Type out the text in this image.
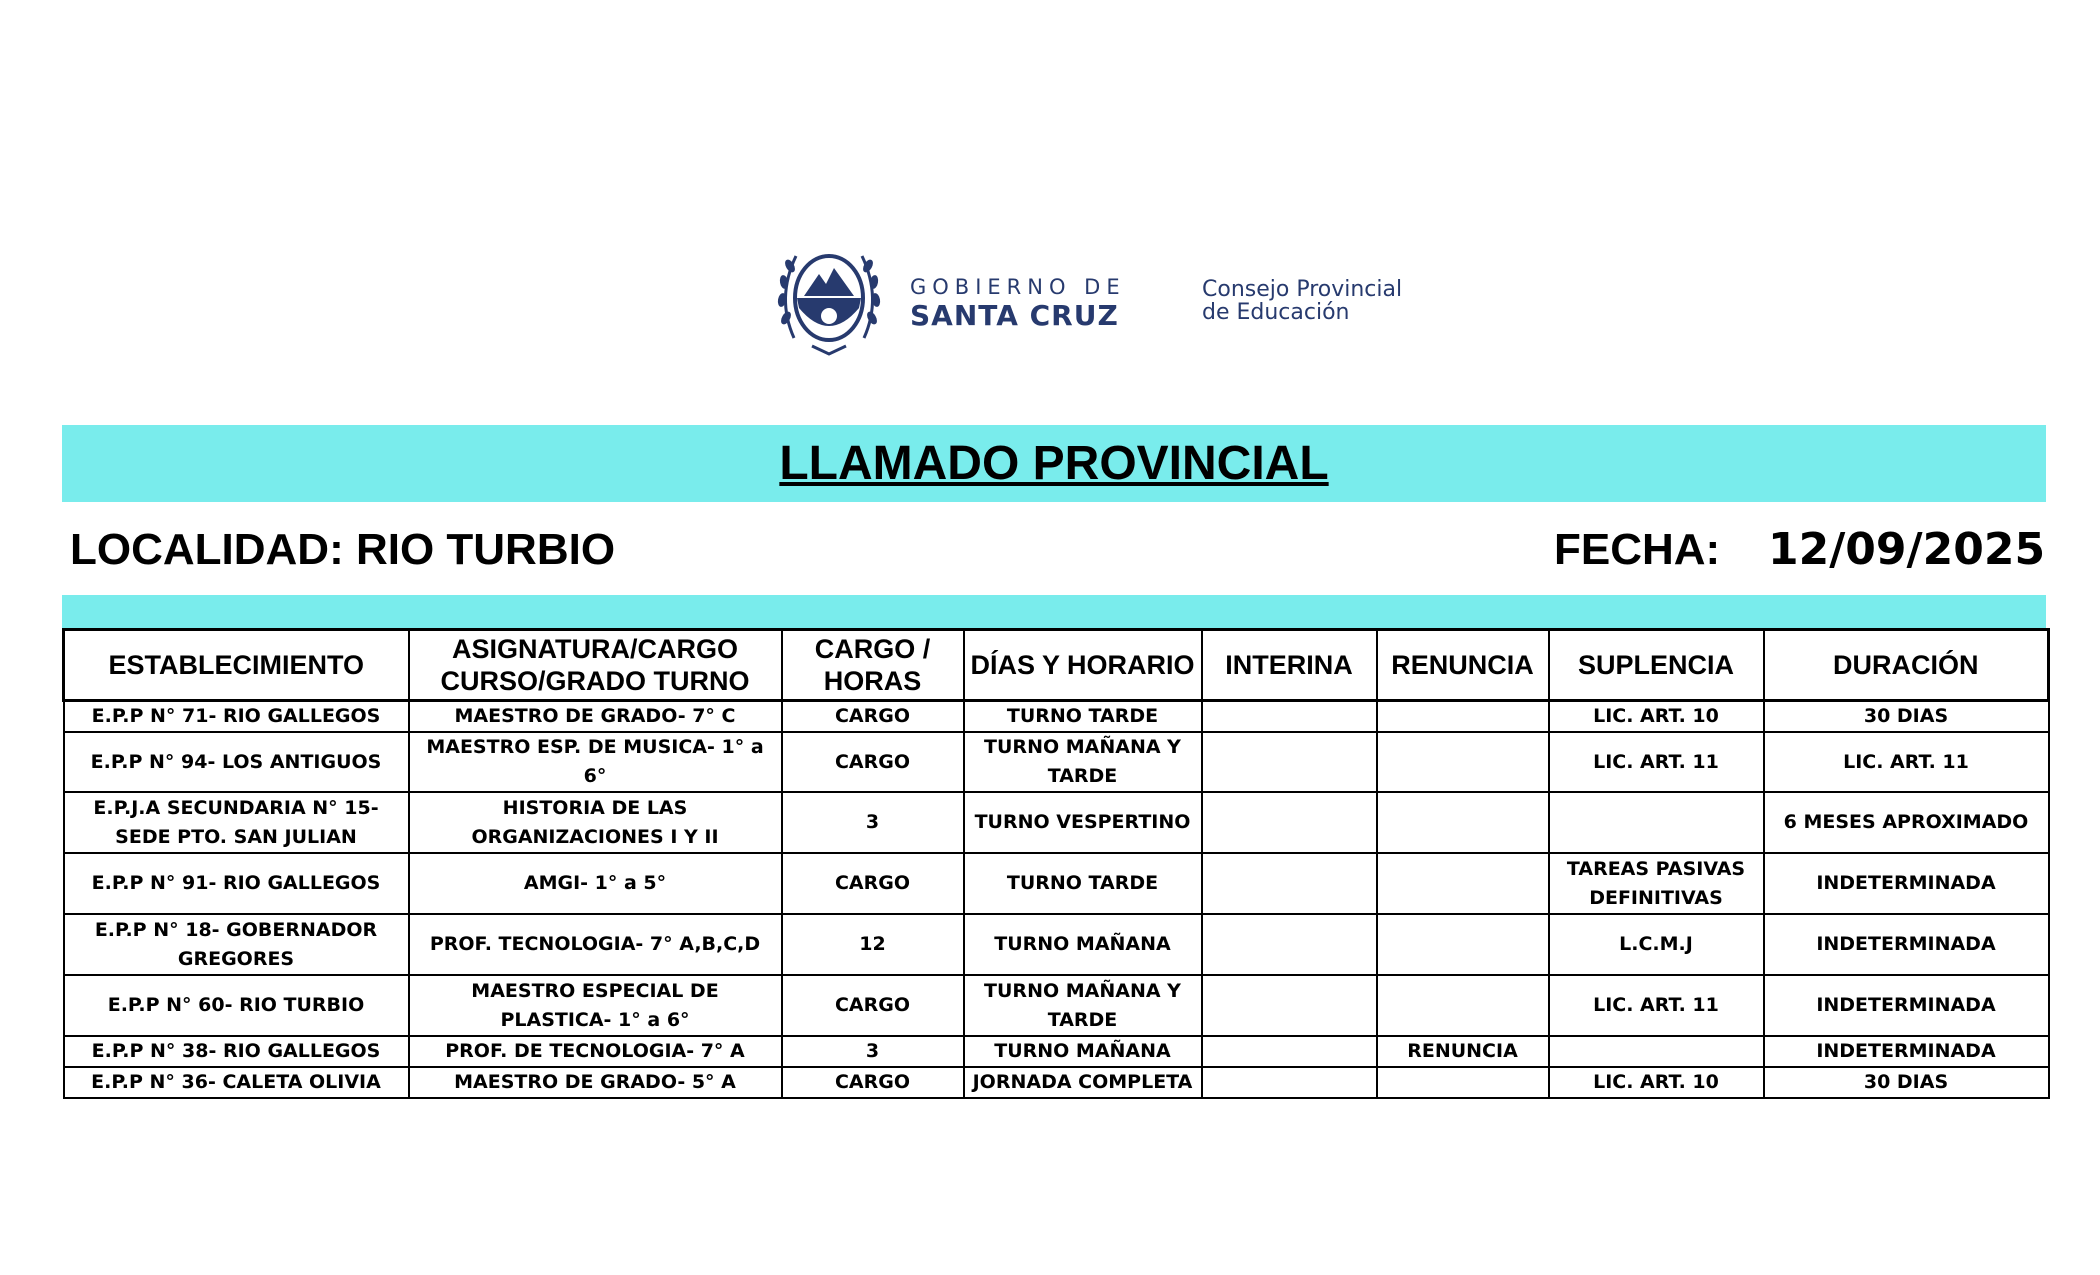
GOBIERNO DE
SANTA CRUZ
Consejo Provincial
de Educación
LLAMADO PROVINCIAL
LOCALIDAD: RIO TURBIO	FECHA: 12/09/2025
ESTABLECIMIENTO	ASIGNATURA/CARGO CURSO/GRADO TURNO	CARGO / HORAS	DÍAS Y HORARIO	INTERINA	RENUNCIA	SUPLENCIA	DURACIÓN
E.P.P N° 71- RIO GALLEGOS	MAESTRO DE GRADO- 7° C	CARGO	TURNO TARDE			LIC. ART. 10	30 DIAS
E.P.P N° 94- LOS ANTIGUOS	MAESTRO ESP. DE MUSICA- 1° a 6°	CARGO	TURNO MAÑANA Y TARDE			LIC. ART. 11	LIC. ART. 11
E.P.J.A SECUNDARIA N° 15- SEDE PTO. SAN JULIAN	HISTORIA DE LAS ORGANIZACIONES I Y II	3	TURNO VESPERTINO				6 MESES APROXIMADO
E.P.P N° 91- RIO GALLEGOS	AMGI- 1° a 5°	CARGO	TURNO TARDE			TAREAS PASIVAS DEFINITIVAS	INDETERMINADA
E.P.P N° 18- GOBERNADOR GREGORES	PROF. TECNOLOGIA- 7° A,B,C,D	12	TURNO MAÑANA			L.C.M.J	INDETERMINADA
E.P.P N° 60- RIO TURBIO	MAESTRO ESPECIAL DE PLASTICA- 1° a 6°	CARGO	TURNO MAÑANA Y TARDE			LIC. ART. 11	INDETERMINADA
E.P.P N° 38- RIO GALLEGOS	PROF. DE TECNOLOGIA- 7° A	3	TURNO MAÑANA		RENUNCIA		INDETERMINADA
E.P.P N° 36- CALETA OLIVIA	MAESTRO DE GRADO- 5° A	CARGO	JORNADA COMPLETA			LIC. ART. 10	30 DIAS
